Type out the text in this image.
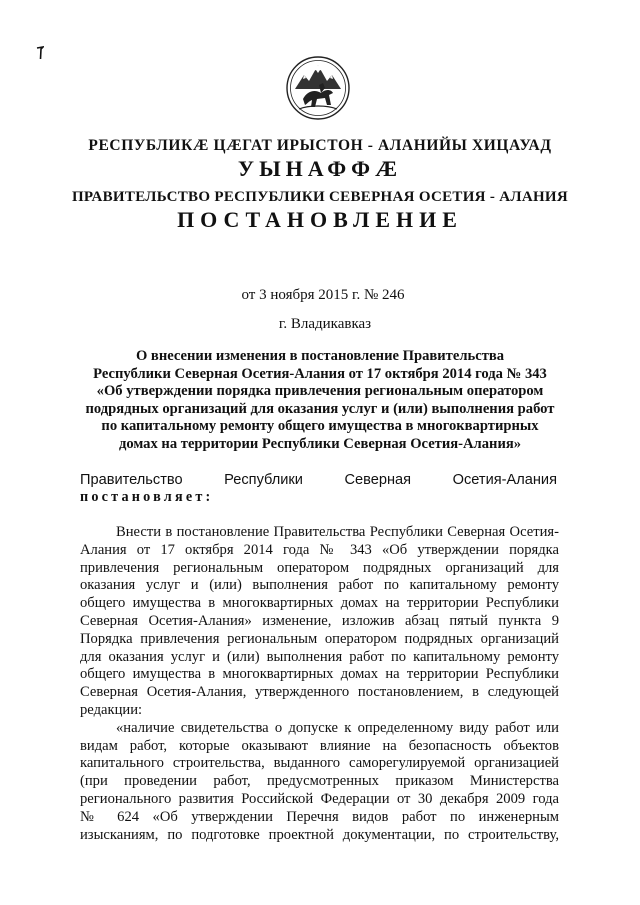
РЕСПУБЛИКÆ ЦÆГАТ ИРЫСТОН - АЛАНИЙЫ ХИЦАУАД
УЫНАФФÆ
ПРАВИТЕЛЬСТВО РЕСПУБЛИКИ СЕВЕРНАЯ ОСЕТИЯ - АЛАНИЯ
ПОСТАНОВЛЕНИЕ
от 3 ноября 2015 г. № 246
г. Владикавказ
О внесении изменения в постановление Правительства
Республики Северная Осетия-Алания от 17 октября 2014 года № 343
«Об утверждении порядка привлечения региональным оператором
подрядных организаций для оказания услуг и (или) выполнения работ
по капитальному ремонту общего имущества в многоквартирных
домах на территории Республики Северная Осетия-Алания»
Правительство	Республики	Северная	Осетия-Алания
постановляет:
Внести в постановление Правительства Республики Северная Осетия-
Алания от 17 октября 2014 года № 343 «Об утверждении порядка
привлечения региональным оператором подрядных организаций для
оказания услуг и (или) выполнения работ по капитальному ремонту
общего имущества в многоквартирных домах на территории Республики
Северная Осетия-Алания» изменение, изложив абзац пятый пункта 9
Порядка привлечения региональным оператором подрядных организаций
для оказания услуг и (или) выполнения работ по капитальному ремонту
общего имущества в многоквартирных домах на территории Республики
Северная Осетия-Алания, утвержденного постановлением, в следующей
редакции:
«наличие свидетельства о допуске к определенному виду работ или
видам работ, которые оказывают влияние на безопасность объектов
капитального строительства, выданного саморегулируемой организацией
(при проведении работ, предусмотренных приказом Министерства
регионального развития Российской Федерации от 30 декабря 2009 года
№ 624 «Об утверждении Перечня видов работ по инженерным
изысканиям, по подготовке проектной документации, по строительству,
